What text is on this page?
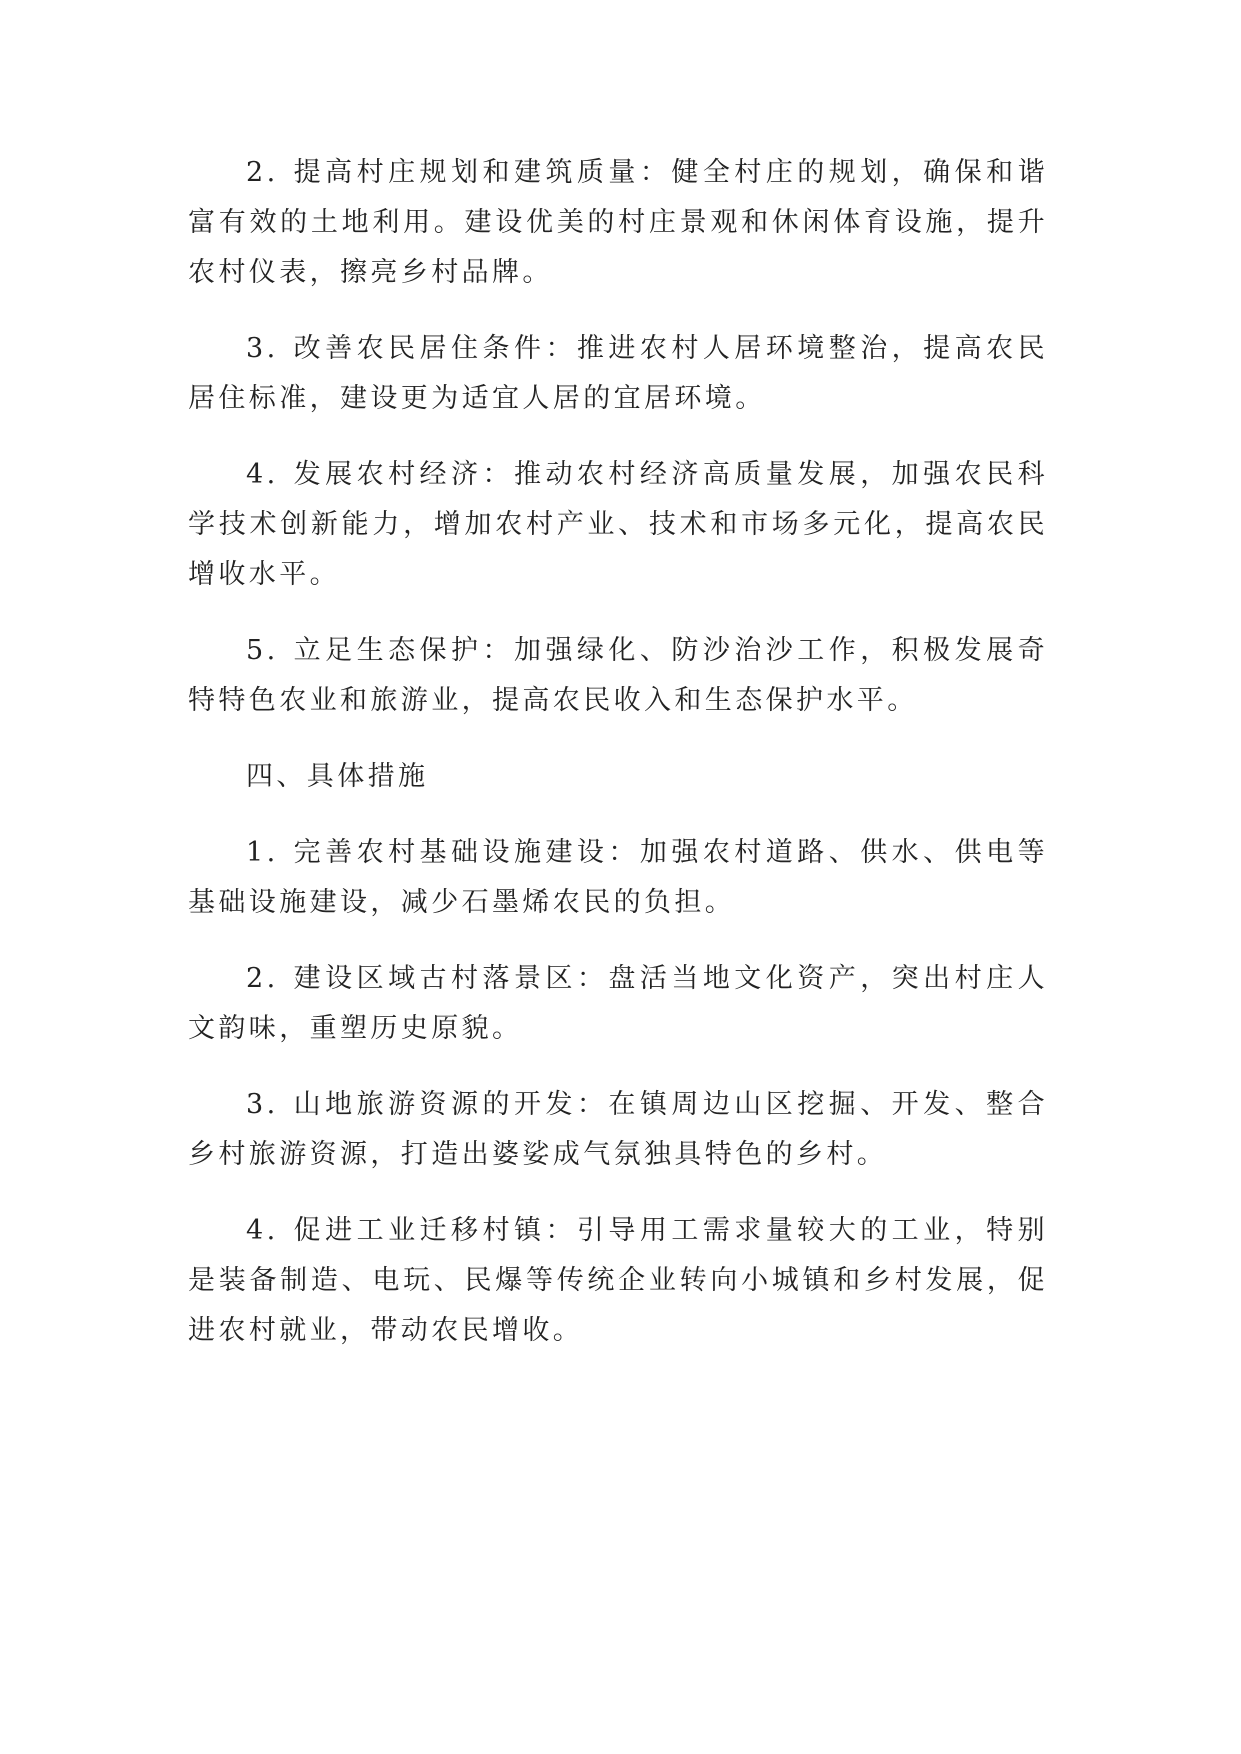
2. 提高村庄规划和建筑质量：健全村庄的规划，确保和谐富有效的土地利用。建设优美的村庄景观和休闲体育设施，提升农村仪表，擦亮乡村品牌。

3. 改善农民居住条件：推进农村人居环境整治，提高农民居住标准，建设更为适宜人居的宜居环境。

4. 发展农村经济：推动农村经济高质量发展，加强农民科学技术创新能力，增加农村产业、技术和市场多元化，提高农民增收水平。

5. 立足生态保护：加强绿化、防沙治沙工作，积极发展奇特特色农业和旅游业，提高农民收入和生态保护水平。

四、具体措施

1. 完善农村基础设施建设：加强农村道路、供水、供电等基础设施建设，减少石墨烯农民的负担。

2. 建设区域古村落景区：盘活当地文化资产，突出村庄人文韵味，重塑历史原貌。

3. 山地旅游资源的开发：在镇周边山区挖掘、开发、整合乡村旅游资源，打造出婆娑成气氛独具特色的乡村。

4. 促进工业迁移村镇：引导用工需求量较大的工业，特别是装备制造、电玩、民爆等传统企业转向小城镇和乡村发展，促进农村就业，带动农民增收。
